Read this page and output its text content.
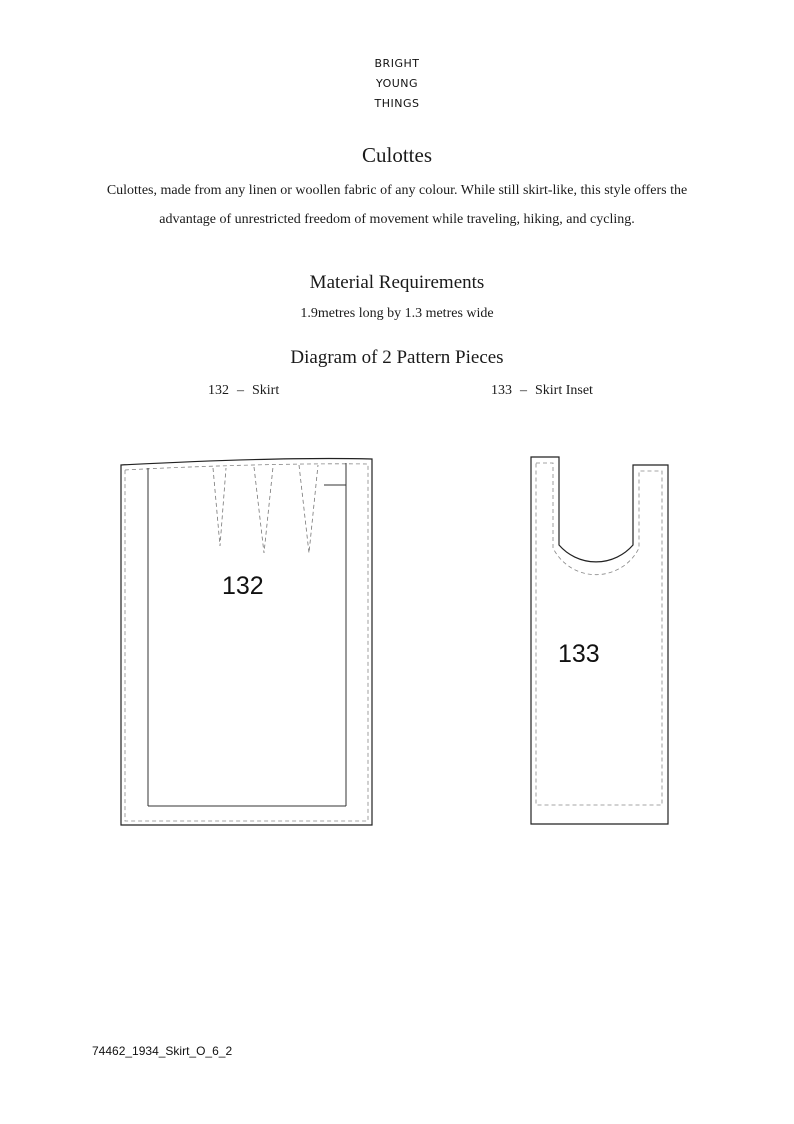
BRIGHT
YOUNG
THINGS
Culottes

Culottes, made from any linen or woollen fabric of any colour. While still skirt-like, this style offers the advantage of unrestricted freedom of movement while traveling, hiking, and cycling.

Material Requirements

1.9metres long by 1.3 metres wide

Diagram of 2 Pattern Pieces
132 – Skirt	133 – Skirt Inset
132
133
74462_1934_Skirt_O_6_2
